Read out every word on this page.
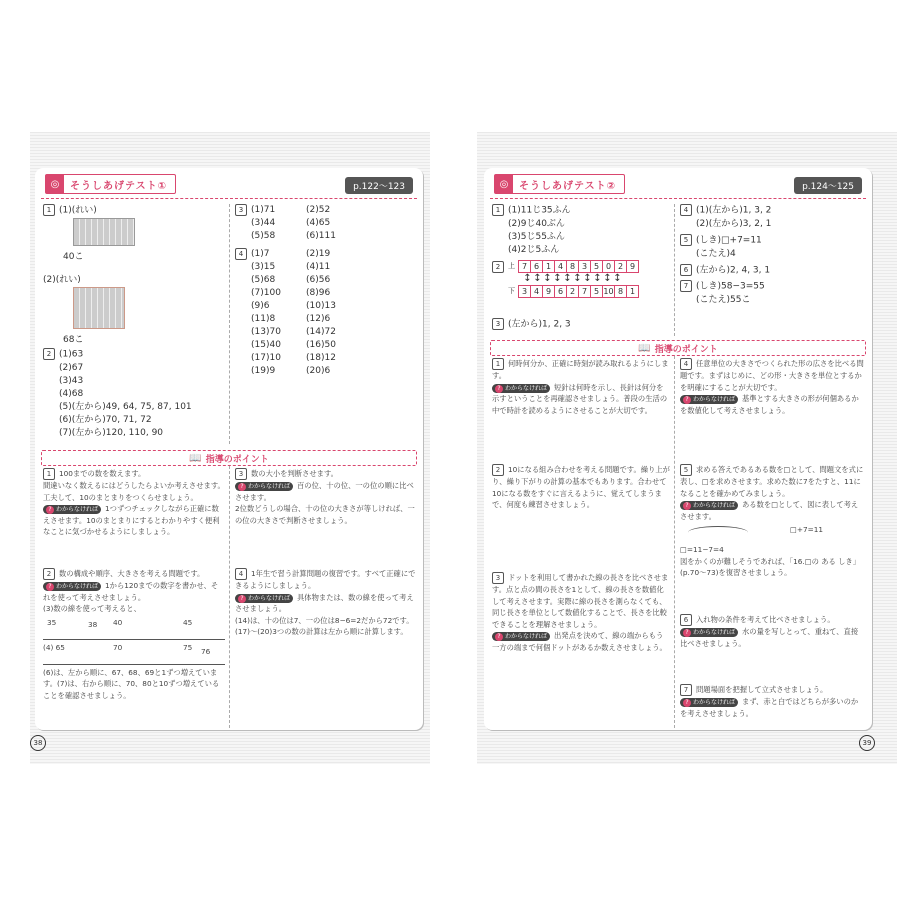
◎	そうしあげテスト①	p.122～123
1 (1)(れい)
40こ
(2)(れい)
68こ
2 (1)63
(2)67
(3)43
(4)68
(5)(左から)49, 64, 75, 87, 101
(6)(左から)70, 71, 72
(7)(左から)120, 110, 90
3 (1)71	(2)52
(3)44	(4)65
(5)58	(6)111
4 (1)7	(2)19
(3)15	(4)11
(5)68	(6)56
(7)100	(8)96
(9)6	(10)13
(11)8	(12)6
(13)70	(14)72
(15)40	(16)50
(17)10	(18)12
(19)9	(20)6
📖 指導のポイント
1 100までの数を数えます。
間違いなく数えるにはどうしたらよいか考えさせます。工夫して、10のまとまりをつくらせましょう。
? わからなければ 1つずつチェックしながら正確に数えさせます。10のまとまりにするとわかりやすく便利なことに気づかせるようにしましょう。
2 数の構成や順序、大きさを考える問題です。
? わからなければ 1から120までの数字を書かせ、それを使って考えさせましょう。
(3)数の線を使って考えると、
35	38 40	45
(4) 65	70	75 76
(6)は、左から順に、67、68、69と1ずつ増えています。(7)は、右から順に、70、80と10ずつ増えていることを確認させましょう。
3 数の大小を判断させます。
? わからなければ 百の位、十の位、一の位の順に比べさせます。
2位数どうしの場合、十の位の大きさが等しければ、一の位の大きさで判断させましょう。
4 1年生で習う計算問題の復習です。すべて正確にできるようにしましょう。
? わからなければ 具体物または、数の線を使って考えさせましょう。
(14)は、十の位は7、一の位は8−6=2だから72です。(17)～(20)3つの数の計算は左から順に計算します。
38
◎	そうしあげテスト②	p.124～125
1 (1)11じ35ふん
(2)9じ40ぶん
(3)5じ55ふん
(4)2じ5ふん
2	上 7 6 1 4 8 3 5 0 2 9
↕ ↕ ↕ ↕ ↕ ↕ ↕ ↕ ↕ ↕
下 3 4 9 6 2 7 5 10 8 1
3 (左から)1, 2, 3
4 (1)(左から)1, 3, 2
(2)(左から)3, 2, 1
5 (しき)□+7=11
(こたえ)4
6 (左から)2, 4, 3, 1
7 (しき)58−3=55
(こたえ)55こ
📖 指導のポイント
1 何時何分か、正確に時刻が読み取れるようにします。
? わからなければ 短針は何時を示し、長針は何分を示すということを再確認させましょう。普段の生活の中で時計を読めるようにさせることが大切です。
2 10になる組み合わせを考える問題です。繰り上がり、繰り下がりの計算の基本でもあります。合わせて10になる数をすぐに言えるように、覚えてしまうまで、何度も練習させましょう。
3 ドットを利用して書かれた線の長さを比べさせます。点と点の間の長さを1として、線の長さを数値化して考えさせます。実際に線の長さを測らなくても、同じ長さを単位として数値化することで、長さを比較できることを理解させましょう。
? わからなければ 出発点を決めて、線の端からもう一方の端まで何個ドットがあるか数えさせましょう。
4 任意単位の大きさでつくられた形の広さを比べる問題です。まずはじめに、どの形・大きさを単位とするかを明確にすることが大切です。
? わからなければ 基準とする大きさの形が何個あるかを数値化して考えさせましょう。
5 求める答えであるある数を□として、問題文を式に表し、□を求めさせます。求めた数に7をたすと、11になることを確かめてみましょう。
? わからなければ ある数を□として、図に表して考えさせます。
□+7=11
□=11−7=4
図をかくのが難しそうであれば、「16.□の ある しき」(p.70〜73)を復習させましょう。
6 入れ物の条件を考えて比べさせましょう。
? わからなければ 水の量を写しとって、重ねて、直接比べさせましょう。
7 問題場面を把握して立式させましょう。
? わからなければ まず、赤と白ではどちらが多いのかを考えさせましょう。
39
